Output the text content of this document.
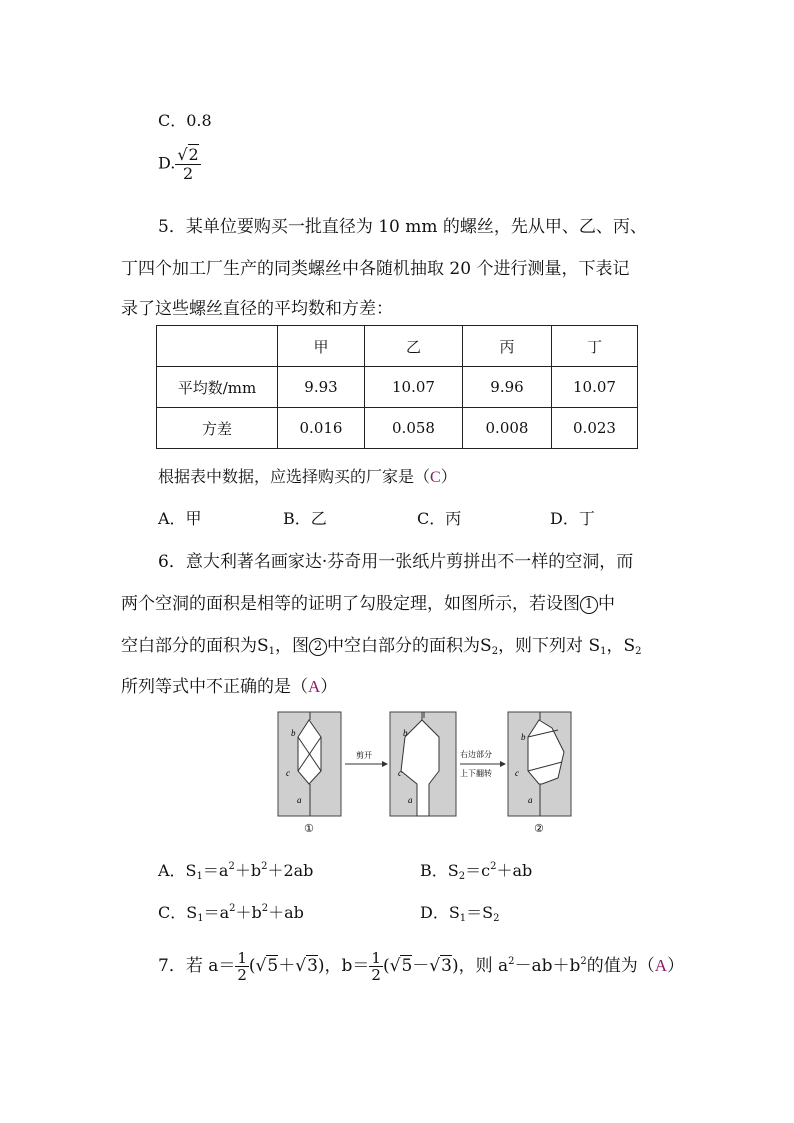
C．0.8
D. $\frac{√2}{2}$
5．某单位要购买一批直径为 10 mm 的螺丝，先从甲、乙、丙、
丁四个加工厂生产的同类螺丝中各随机抽取 20 个进行测量，下表记
录了这些螺丝直径的平均数和方差：
	甲	乙	丙	丁
平均数/mm	9.93	10.07	9.96	10.07
方差	0.016	0.058	0.008	0.023
根据表中数据，应选择购买的厂家是（C）
A．甲	B．乙	C．丙	D．丁
6．意大利著名画家达·芬奇用一张纸片剪拼出不一样的空洞，而
两个空洞的面积是相等的证明了勾股定理，如图所示，若设图 1 中
空白部分的面积为$S_1$，图 2 中空白部分的面积为$S_2$，则下列对 $S_1$，$S_2$
所列等式中不正确的是（A）
b
c
a
①
剪开
b
c
a
右边部分
上下翻转
b
c
a
②
A．$S_1=a^2+b^2+2ab$	B．$S_2=c^2+ab$
C．$S_1=a^2+b^2+ab$	D．$S_1=S_2$
7．若 $a= \frac{1}{2} (√5+√3)$，$b= \frac{1}{2} (√5-√3)$，则 $a^2-ab+b^2$的值为（A）
